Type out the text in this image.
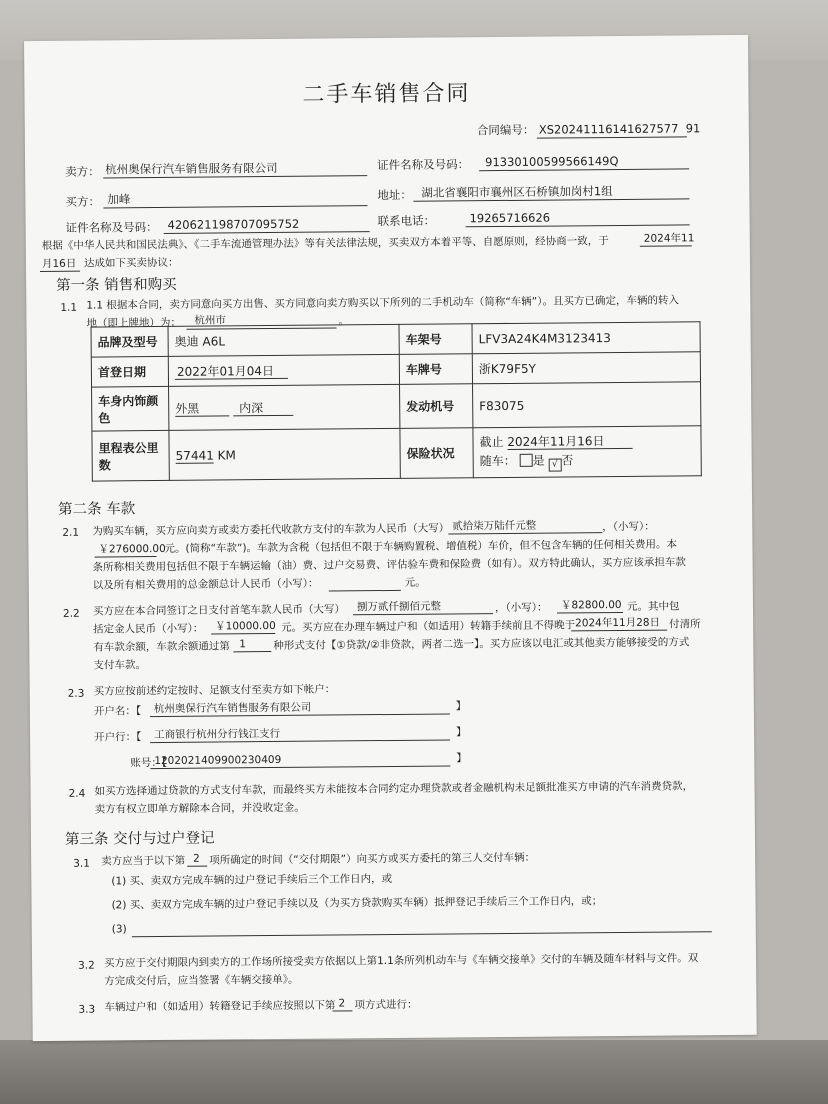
二手车销售合同
合同编号： XS20241116141627577 91
卖方： 杭州奥保行汽车销售服务有限公司	证件名称及号码： 91330100599566149Q
买方： 加峰	地址： 湖北省襄阳市襄州区石桥镇加岗村1组
证件名称及号码： 420621198707095752	联系电话：	19265716626
根据《中华人民共和国民法典》、《二手车流通管理办法》等有关法律法规，买卖双方本着平等、自愿原则，经协商一致，于	2024年11
月16日 达成如下买卖协议：
第一条 销售和购买
1.1 1.1 根据本合同，卖方同意向买方出售、买方同意向卖方购买以下所列的二手机动车（简称“车辆”）。且买方已确定，车辆的转入
地（即上牌地）为： 杭州市	。
品牌及型号	奥迪 A6L	车架号	LFV3A24K4M3123413
首登日期	2022年01月04日	车牌号	浙K79F5Y
车身内饰颜色	外黑 内深	发动机号	F83075
里程表公里数	57441 KM	保险状况	截止 2024年11月16日
随车： 是 √ 否
第二条 车款
2.1 为购买车辆，买方应向卖方或卖方委托代收款方支付的车款为人民币（大写） 贰拾柒万陆仟元整	，（小写）：
￥276000.00
元。(简称“车款”)。车款为含税（包括但不限于车辆购置税、增值税）车价，但不包含车辆的任何相关费用。本
条所称相关费用包括但不限于车辆运输（油）费、过户交易费、评估验车费和保险费（如有）。双方特此确认，买方应该承担车款
以及所有相关费用的总金额总计人民币（小写）：	元。
2.2 买方应在本合同签订之日支付首笔车款人民币（大写） 捌万贰仟捌佰元整	，（小写）： ￥82800.00 元。其中包
括定金人民币（小写）： ￥10000.00 元。买方应在办理车辆过户和（如适用）转籍手续前且不得晚于 2024年11月28日 付清所
有车款余额，车款余额通过第 1	种形式支付【①贷款/②非贷款，两者二选一】。买方应该以电汇或其他卖方能够接受的方式
支付车款。
2.3 买方应按前述约定按时、足额支付至卖方如下帐户：
开户名：【 杭州奥保行汽车销售服务有限公司	】
开户行：【 工商银行杭州分行钱江支行	】
账号：【
1202021409900230409	】
2.4 如买方选择通过贷款的方式支付车款，而最终买方未能按本合同约定办理贷款或者金融机构未足额批准买方申请的汽车消费贷款，
卖方有权立即单方解除本合同，并没收定金。
第三条 交付与过户登记
3.1 卖方应当于以下第 2 项所确定的时间（“交付期限”）向买方或买方委托的第三人交付车辆：
(1) 买、卖双方完成车辆的过户登记手续后三个工作日内，或
(2) 买、卖双方完成车辆的过户登记手续以及（为买方贷款购买车辆）抵押登记手续后三个工作日内，或；
(3)
3.2 买方应于交付期限内到卖方的工作场所接受卖方依据以上第1.1条所列机动车与《车辆交接单》交付的车辆及随车材料与文件。双
方完成交付后，应当签署《车辆交接单》。
3.3 车辆过户和（如适用）转籍登记手续应按照以下第 2 项方式进行：
